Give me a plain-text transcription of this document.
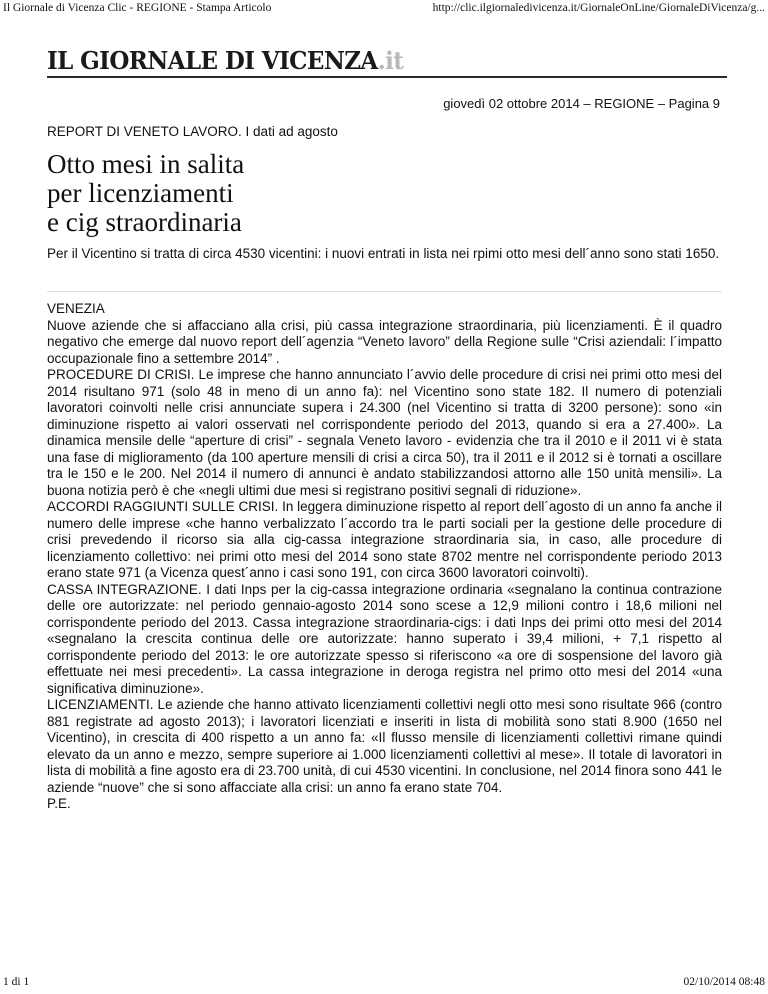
Il Giornale di Vicenza Clic - REGIONE - Stampa Articolo	http://clic.ilgiornaledivicenza.it/GiornaleOnLine/GiornaleDiVicenza/g...
IL GIORNALE DI VICENZA.it
giovedì 02 ottobre 2014 – REGIONE – Pagina 9
REPORT DI VENETO LAVORO. I dati ad agosto
Otto mesi in salita
per licenziamenti
e cig straordinaria
Per il Vicentino si tratta di circa 4530 vicentini: i nuovi entrati in lista nei rpimi otto mesi dell´anno sono stati 1650.

VENEZIA

Nuove aziende che si affacciano alla crisi, più cassa integrazione straordinaria, più licenziamenti. È il quadro negativo che emerge dal nuovo report dell´agenzia “Veneto lavoro” della Regione sulle “Crisi aziendali: l´impatto occupazionale fino a settembre 2014” .

PROCEDURE DI CRISI. Le imprese che hanno annunciato l´avvio delle procedure di crisi nei primi otto mesi del 2014 risultano 971 (solo 48 in meno di un anno fa): nel Vicentino sono state 182. Il numero di potenziali lavoratori coinvolti nelle crisi annunciate supera i 24.300 (nel Vicentino si tratta di 3200 persone): sono «in diminuzione rispetto ai valori osservati nel corrispondente periodo del 2013, quando si era a 27.400». La dinamica mensile delle “aperture di crisi” - segnala Veneto lavoro - evidenzia che tra il 2010 e il 2011 vi è stata una fase di miglioramento (da 100 aperture mensili di crisi a circa 50), tra il 2011 e il 2012 si è tornati a oscillare tra le 150 e le 200. Nel 2014 il numero di annunci è andato stabilizzandosi attorno alle 150 unità mensili». La buona notizia però è che «negli ultimi due mesi si registrano positivi segnali di riduzione».

ACCORDI RAGGIUNTI SULLE CRISI. In leggera diminuzione rispetto al report dell´agosto di un anno fa anche il numero delle imprese «che hanno verbalizzato l´accordo tra le parti sociali per la gestione delle procedure di crisi prevedendo il ricorso sia alla cig-cassa integrazione straordinaria sia, in caso, alle procedure di licenziamento collettivo: nei primi otto mesi del 2014 sono state 8702 mentre nel corrispondente periodo 2013 erano state 971 (a Vicenza quest´anno i casi sono 191, con circa 3600 lavoratori coinvolti).

CASSA INTEGRAZIONE. I dati Inps per la cig-cassa integrazione ordinaria «segnalano la continua contrazione delle ore autorizzate: nel periodo gennaio-agosto 2014 sono scese a 12,9 milioni contro i 18,6 milioni nel corrispondente periodo del 2013. Cassa integrazione straordinaria-cigs: i dati Inps dei primi otto mesi del 2014 «segnalano la crescita continua delle ore autorizzate: hanno superato i 39,4 milioni, + 7,1 rispetto al corrispondente periodo del 2013: le ore autorizzate spesso si riferiscono «a ore di sospensione del lavoro già effettuate nei mesi precedenti». La cassa integrazione in deroga registra nel primo otto mesi del 2014 «una significativa diminuzione».

LICENZIAMENTI. Le aziende che hanno attivato licenziamenti collettivi negli otto mesi sono risultate 966 (contro 881 registrate ad agosto 2013); i lavoratori licenziati e inseriti in lista di mobilità sono stati 8.900 (1650 nel Vicentino), in crescita di 400 rispetto a un anno fa: «Il flusso mensile di licenziamenti collettivi rimane quindi elevato da un anno e mezzo, sempre superiore ai 1.000 licenziamenti collettivi al mese». Il totale di lavoratori in lista di mobilità a fine agosto era di 23.700 unità, di cui 4530 vicentini. In conclusione, nel 2014 finora sono 441 le aziende “nuove” che si sono affacciate alla crisi: un anno fa erano state 704.

P.E.

1 di 1	02/10/2014 08:48
